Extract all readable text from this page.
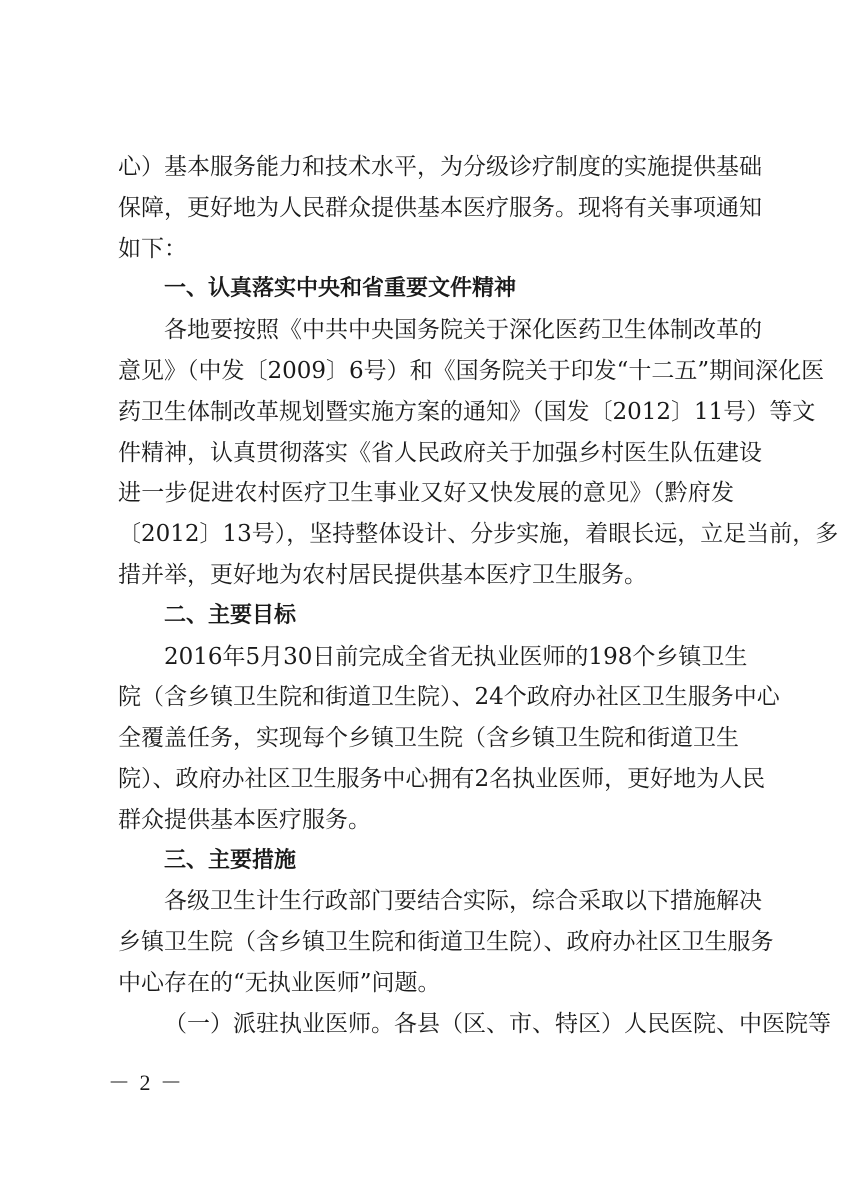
心）基本服务能力和技术水平，为分级诊疗制度的实施提供基础
保障，更好地为人民群众提供基本医疗服务。现将有关事项通知
如下：
一、认真落实中央和省重要文件精神
各地要按照《中共中央国务院关于深化医药卫生体制改革的
意见》（中发〔2009〕6号）和《国务院关于印发“十二五”期间深化医
药卫生体制改革规划暨实施方案的通知》（国发〔2012〕11号）等文
件精神，认真贯彻落实《省人民政府关于加强乡村医生队伍建设
进一步促进农村医疗卫生事业又好又快发展的意见》（黔府发
〔2012〕13号），坚持整体设计、分步实施，着眼长远，立足当前，多
措并举，更好地为农村居民提供基本医疗卫生服务。
二、主要目标
2016年5月30日前完成全省无执业医师的198个乡镇卫生
院（含乡镇卫生院和街道卫生院）、24个政府办社区卫生服务中心
全覆盖任务，实现每个乡镇卫生院（含乡镇卫生院和街道卫生
院）、政府办社区卫生服务中心拥有2名执业医师，更好地为人民
群众提供基本医疗服务。
三、主要措施
各级卫生计生行政部门要结合实际，综合采取以下措施解决
乡镇卫生院（含乡镇卫生院和街道卫生院）、政府办社区卫生服务
中心存在的“无执业医师”问题。
（一）派驻执业医师。各县（区、市、特区）人民医院、中医院等
－ 2 －
